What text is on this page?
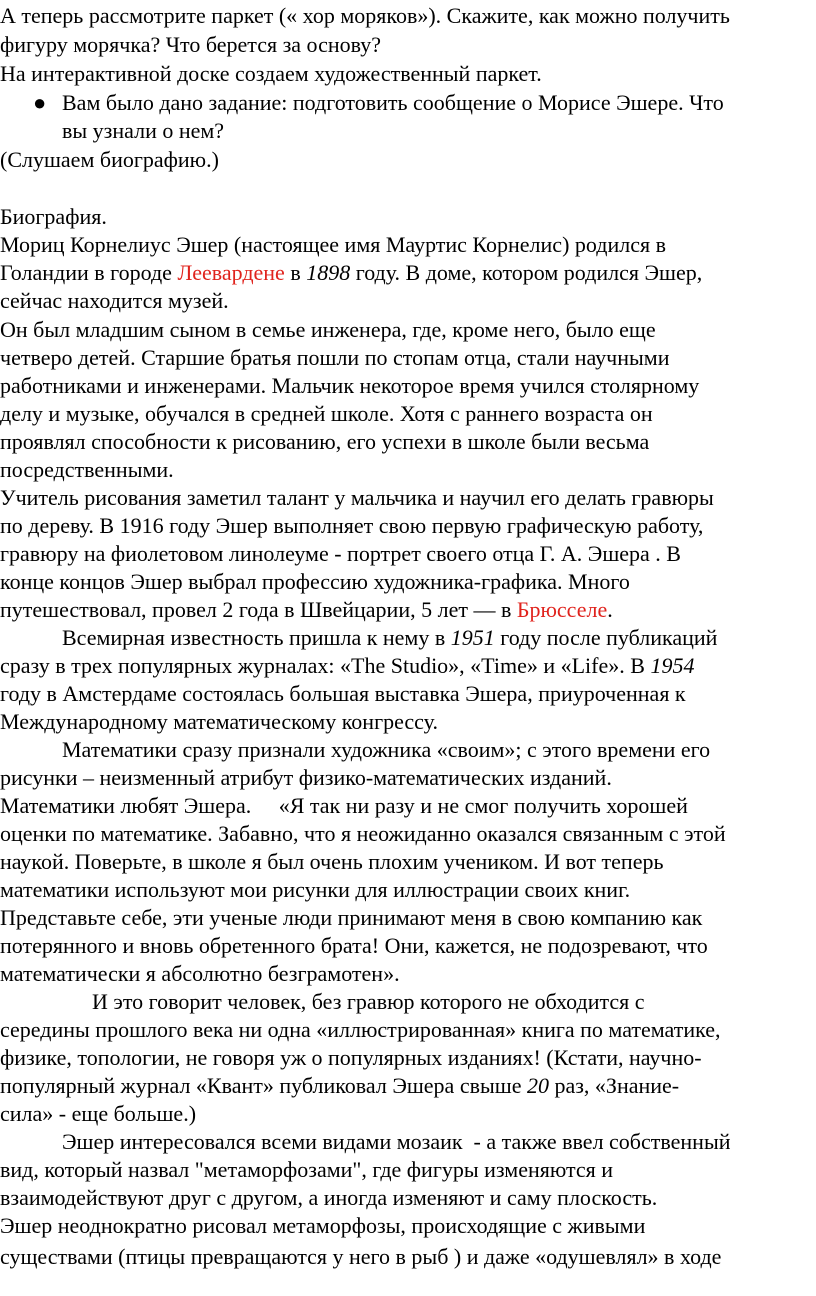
А теперь рассмотрите паркет (« хор моряков»). Скажите, как можно получить
фигуру морячка? Что берется за основу?
На интерактивной доске создаем художественный паркет.
● Вам было дано задание: подготовить сообщение о Морисе Эшере. Что
вы узнали о нем?
(Слушаем биографию.)
Биография.
Мориц Корнелиус Эшер (настоящее имя Мауртис Корнелис) родился в
Голандии в городе Леевардене в 1898 году. В доме, котором родился Эшер,
сейчас находится музей.
Он был младшим сыном в семье инженера, где, кроме него, было еще
четверо детей. Старшие братья пошли по стопам отца, стали научными
работниками и инженерами. Мальчик некоторое время учился столярному
делу и музыке, обучался в средней школе. Хотя с раннего возраста он
проявлял способности к рисованию, его успехи в школе были весьма
посредственными.
Учитель рисования заметил талант у мальчика и научил его делать гравюры
по дереву. В 1916 году Эшер выполняет свою первую графическую работу,
гравюру на фиолетовом линолеуме - портрет своего отца Г. А. Эшера . В
конце концов Эшер выбрал профессию художника-графика. Много
путешествовал, провел 2 года в Швейцарии, 5 лет — в Брюсселе.
Всемирная известность пришла к нему в 1951 году после публикаций
сразу в трех популярных журналах: «The Studio», «Time» и «Life». В 1954
году в Амстердаме состоялась большая выставка Эшера, приуроченная к
Международному математическому конгрессу.
Математики сразу признали художника «своим»; с этого времени его
рисунки – неизменный атрибут физико-математических изданий.
Математики любят Эшера.     «Я так ни разу и не смог получить хорошей
оценки по математике. Забавно, что я неожиданно оказался связанным с этой
наукой. Поверьте, в школе я был очень плохим учеником. И вот теперь
математики используют мои рисунки для иллюстрации своих книг.
Представьте себе, эти ученые люди принимают меня в свою компанию как
потерянного и вновь обретенного брата! Они, кажется, не подозревают, что
математически я абсолютно безграмотен».
И это говорит человек, без гравюр которого не обходится с
середины прошлого века ни одна «иллюстрированная» книга по математике,
физике, топологии, не говоря уж о популярных изданиях! (Кстати, научно-
популярный журнал «Квант» публиковал Эшера свыше 20 раз, «Знание-
сила» - еще больше.)
Эшер интересовался всеми видами мозаик  - а также ввел собственный
вид, который назвал "метаморфозами", где фигуры изменяются и
взаимодействуют друг с другом, а иногда изменяют и саму плоскость.
Эшер неоднократно рисовал метаморфозы, происходящие с живыми
существами (птицы превращаются у него в рыб ) и даже «одушевлял» в ходе
